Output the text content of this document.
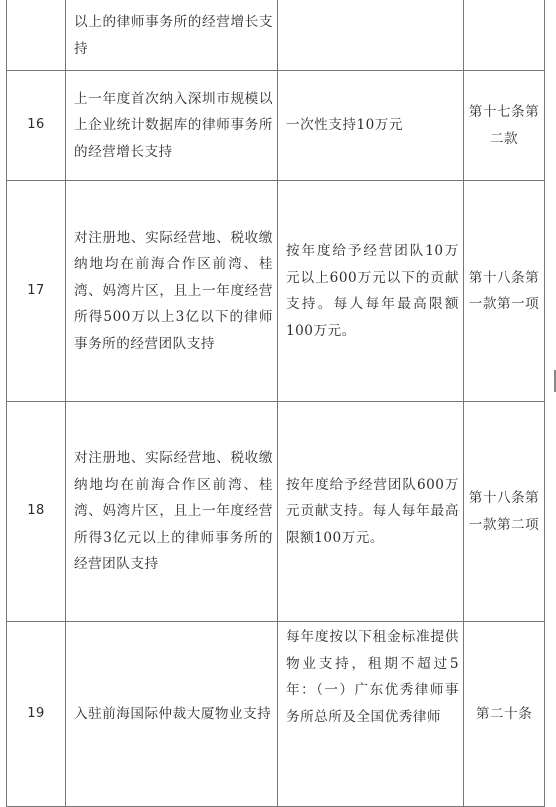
	以上的律师事务所的经营增长支持		

16	上一年度首次纳入深圳市规模以上企业统计数据库的律师事务所的经营增长支持	一次性支持10万元	第十七条第二款
17	对注册地、实际经营地、税收缴纳地均在前海合作区前湾、桂湾、妈湾片区，且上一年度经营所得500万以上3亿以下的律师事务所的经营团队支持	按年度给予经营团队10万元以上600万元以下的贡献支持。每人每年最高限额100万元。	第十八条第一款第一项
18	对注册地、实际经营地、税收缴纳地均在前海合作区前湾、桂湾、妈湾片区，且上一年度经营所得3亿元以上的律师事务所的经营团队支持	按年度给予经营团队600万元贡献支持。每人每年最高限额100万元。	第十八条第一款第二项
19	入驻前海国际仲裁大厦物业支持	每年度按以下租金标准提供物业支持，租期不超过5年：（一）广东优秀律师事务所总所及全国优秀律师	第二十条
